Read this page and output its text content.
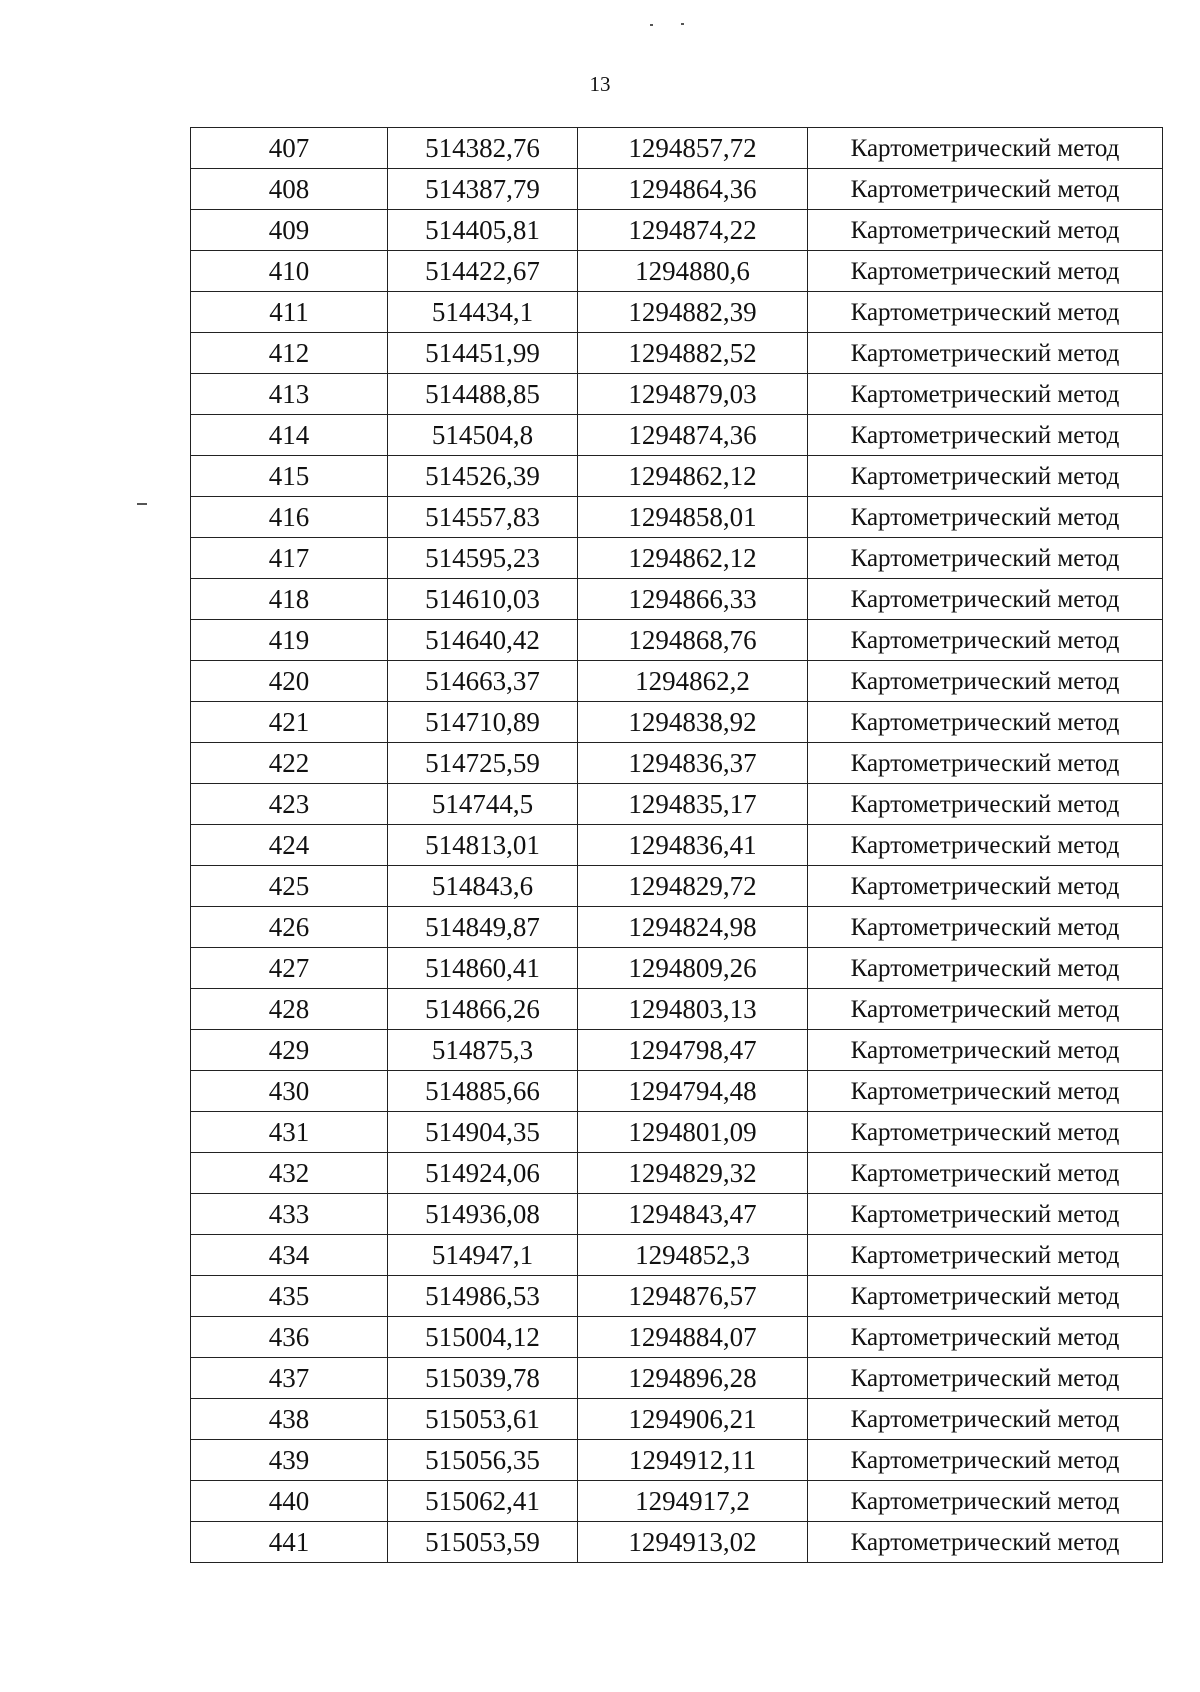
13
407	514382,76	1294857,72	Картометрический метод
408	514387,79	1294864,36	Картометрический метод
409	514405,81	1294874,22	Картометрический метод
410	514422,67	1294880,6	Картометрический метод
411	514434,1	1294882,39	Картометрический метод
412	514451,99	1294882,52	Картометрический метод
413	514488,85	1294879,03	Картометрический метод
414	514504,8	1294874,36	Картометрический метод
415	514526,39	1294862,12	Картометрический метод
416	514557,83	1294858,01	Картометрический метод
417	514595,23	1294862,12	Картометрический метод
418	514610,03	1294866,33	Картометрический метод
419	514640,42	1294868,76	Картометрический метод
420	514663,37	1294862,2	Картометрический метод
421	514710,89	1294838,92	Картометрический метод
422	514725,59	1294836,37	Картометрический метод
423	514744,5	1294835,17	Картометрический метод
424	514813,01	1294836,41	Картометрический метод
425	514843,6	1294829,72	Картометрический метод
426	514849,87	1294824,98	Картометрический метод
427	514860,41	1294809,26	Картометрический метод
428	514866,26	1294803,13	Картометрический метод
429	514875,3	1294798,47	Картометрический метод
430	514885,66	1294794,48	Картометрический метод
431	514904,35	1294801,09	Картометрический метод
432	514924,06	1294829,32	Картометрический метод
433	514936,08	1294843,47	Картометрический метод
434	514947,1	1294852,3	Картометрический метод
435	514986,53	1294876,57	Картометрический метод
436	515004,12	1294884,07	Картометрический метод
437	515039,78	1294896,28	Картометрический метод
438	515053,61	1294906,21	Картометрический метод
439	515056,35	1294912,11	Картометрический метод
440	515062,41	1294917,2	Картометрический метод
441	515053,59	1294913,02	Картометрический метод
